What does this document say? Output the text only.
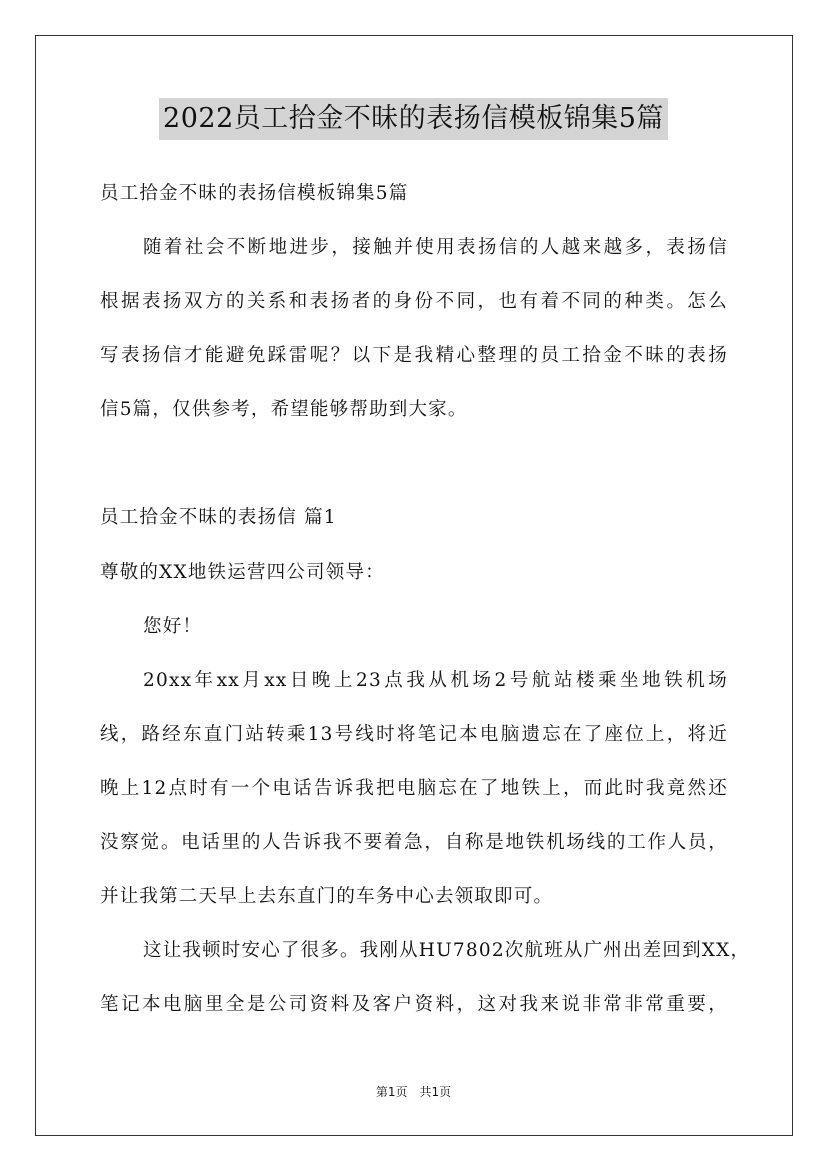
2022员工拾金不昧的表扬信模板锦集5篇
员工拾金不昧的表扬信模板锦集5篇
随着社会不断地进步，接触并使用表扬信的人越来越多，表扬信
根据表扬双方的关系和表扬者的身份不同，也有着不同的种类。怎么
写表扬信才能避免踩雷呢？以下是我精心整理的员工拾金不昧的表扬
信5篇，仅供参考，希望能够帮助到大家。
员工拾金不昧的表扬信 篇1
尊敬的XX地铁运营四公司领导：
您好！
20xx年xx月xx日晚上23点我从机场2号航站楼乘坐地铁机场
线，路经东直门站转乘13号线时将笔记本电脑遗忘在了座位上，将近
晚上12点时有一个电话告诉我把电脑忘在了地铁上，而此时我竟然还
没察觉。电话里的人告诉我不要着急，自称是地铁机场线的工作人员，
并让我第二天早上去东直门的车务中心去领取即可。
这让我顿时安心了很多。我刚从HU7802次航班从广州出差回到XX，
笔记本电脑里全是公司资料及客户资料，这对我来说非常非常重要，
第1页　共1页
